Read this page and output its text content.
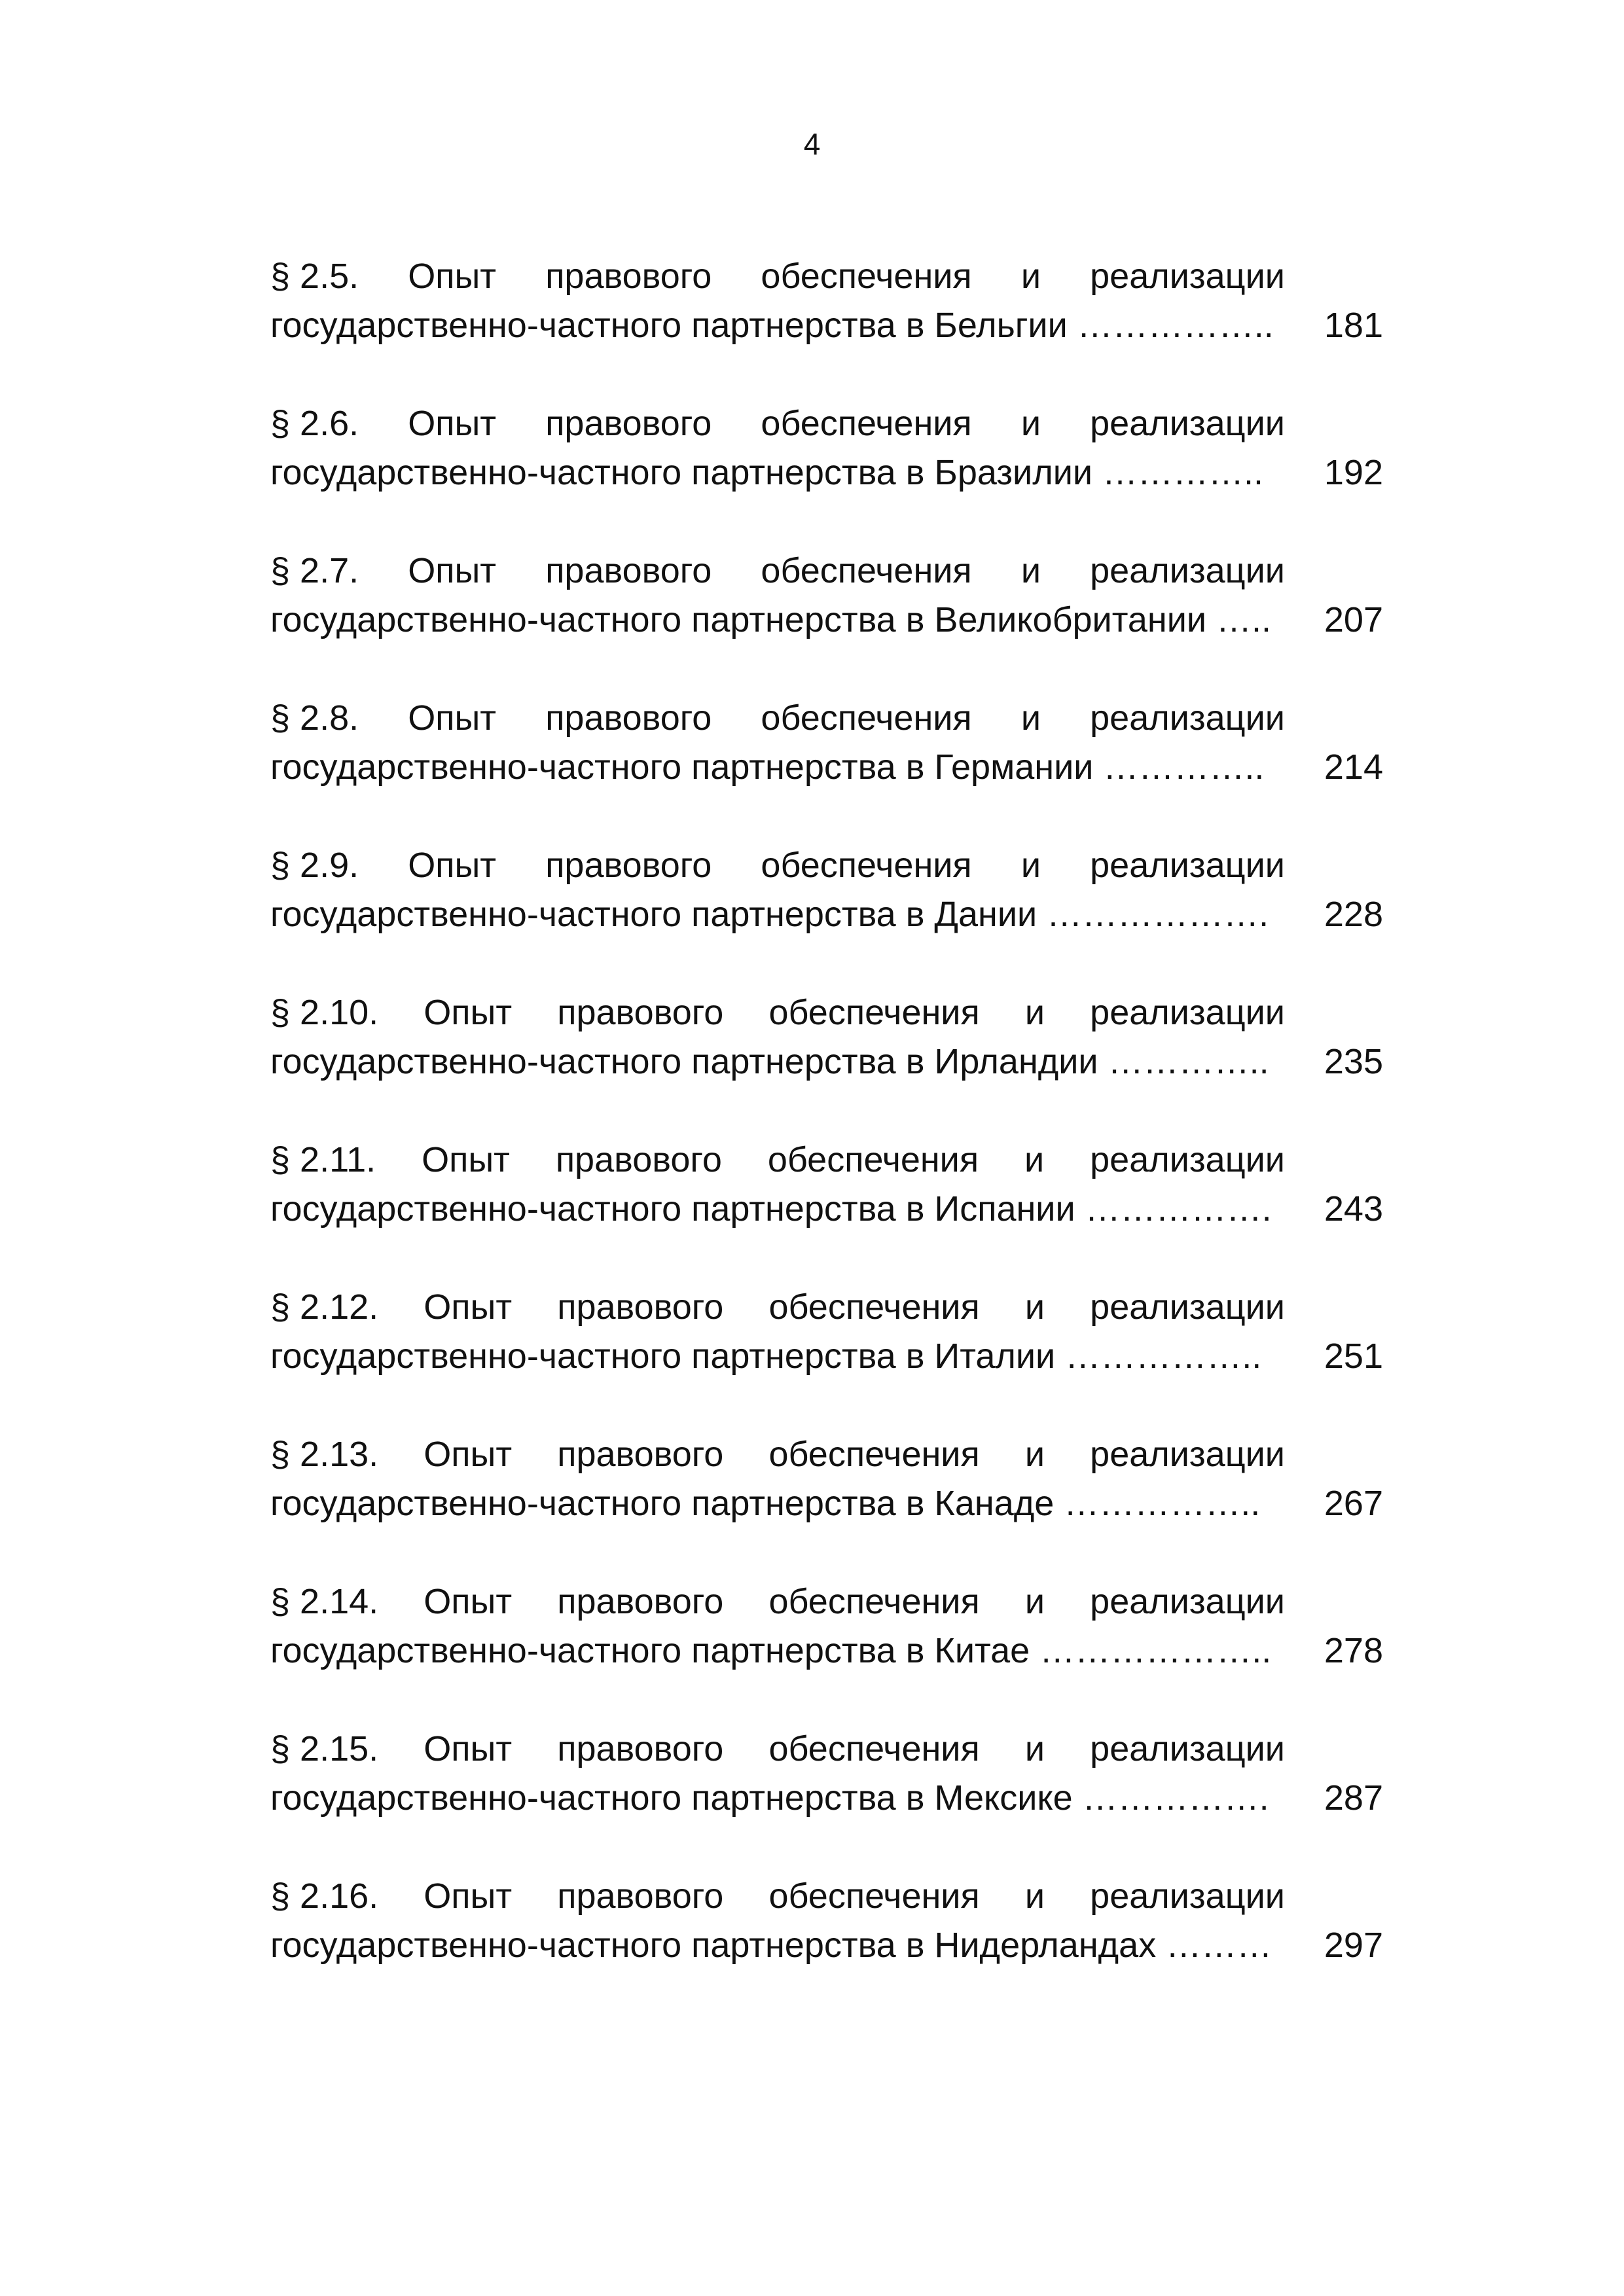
4
§ 2.5. Опыт правового обеспечения и реализации
государственно-частного партнерства в Бельгии ……………..	181
§ 2.6. Опыт правового обеспечения и реализации
государственно-частного партнерства в Бразилии …………..	192
§ 2.7. Опыт правового обеспечения и реализации
государственно-частного партнерства в Великобритании …..	207
§ 2.8. Опыт правового обеспечения и реализации
государственно-частного партнерства в Германии …………..	214
§ 2.9. Опыт правового обеспечения и реализации
государственно-частного партнерства в Дании ……………….	228
§ 2.10. Опыт правового обеспечения и реализации
государственно-частного партнерства в Ирландии …………..	235
§ 2.11. Опыт правового обеспечения и реализации
государственно-частного партнерства в Испании …………….	243
§ 2.12. Опыт правового обеспечения и реализации
государственно-частного партнерства в Италии ……………..	251
§ 2.13. Опыт правового обеспечения и реализации
государственно-частного партнерства в Канаде ……………..	267
§ 2.14. Опыт правового обеспечения и реализации
государственно-частного партнерства в Китае ………………..	278
§ 2.15. Опыт правового обеспечения и реализации
государственно-частного партнерства в Мексике …………….	287
§ 2.16. Опыт правового обеспечения и реализации
государственно-частного партнерства в Нидерландах ………	297
